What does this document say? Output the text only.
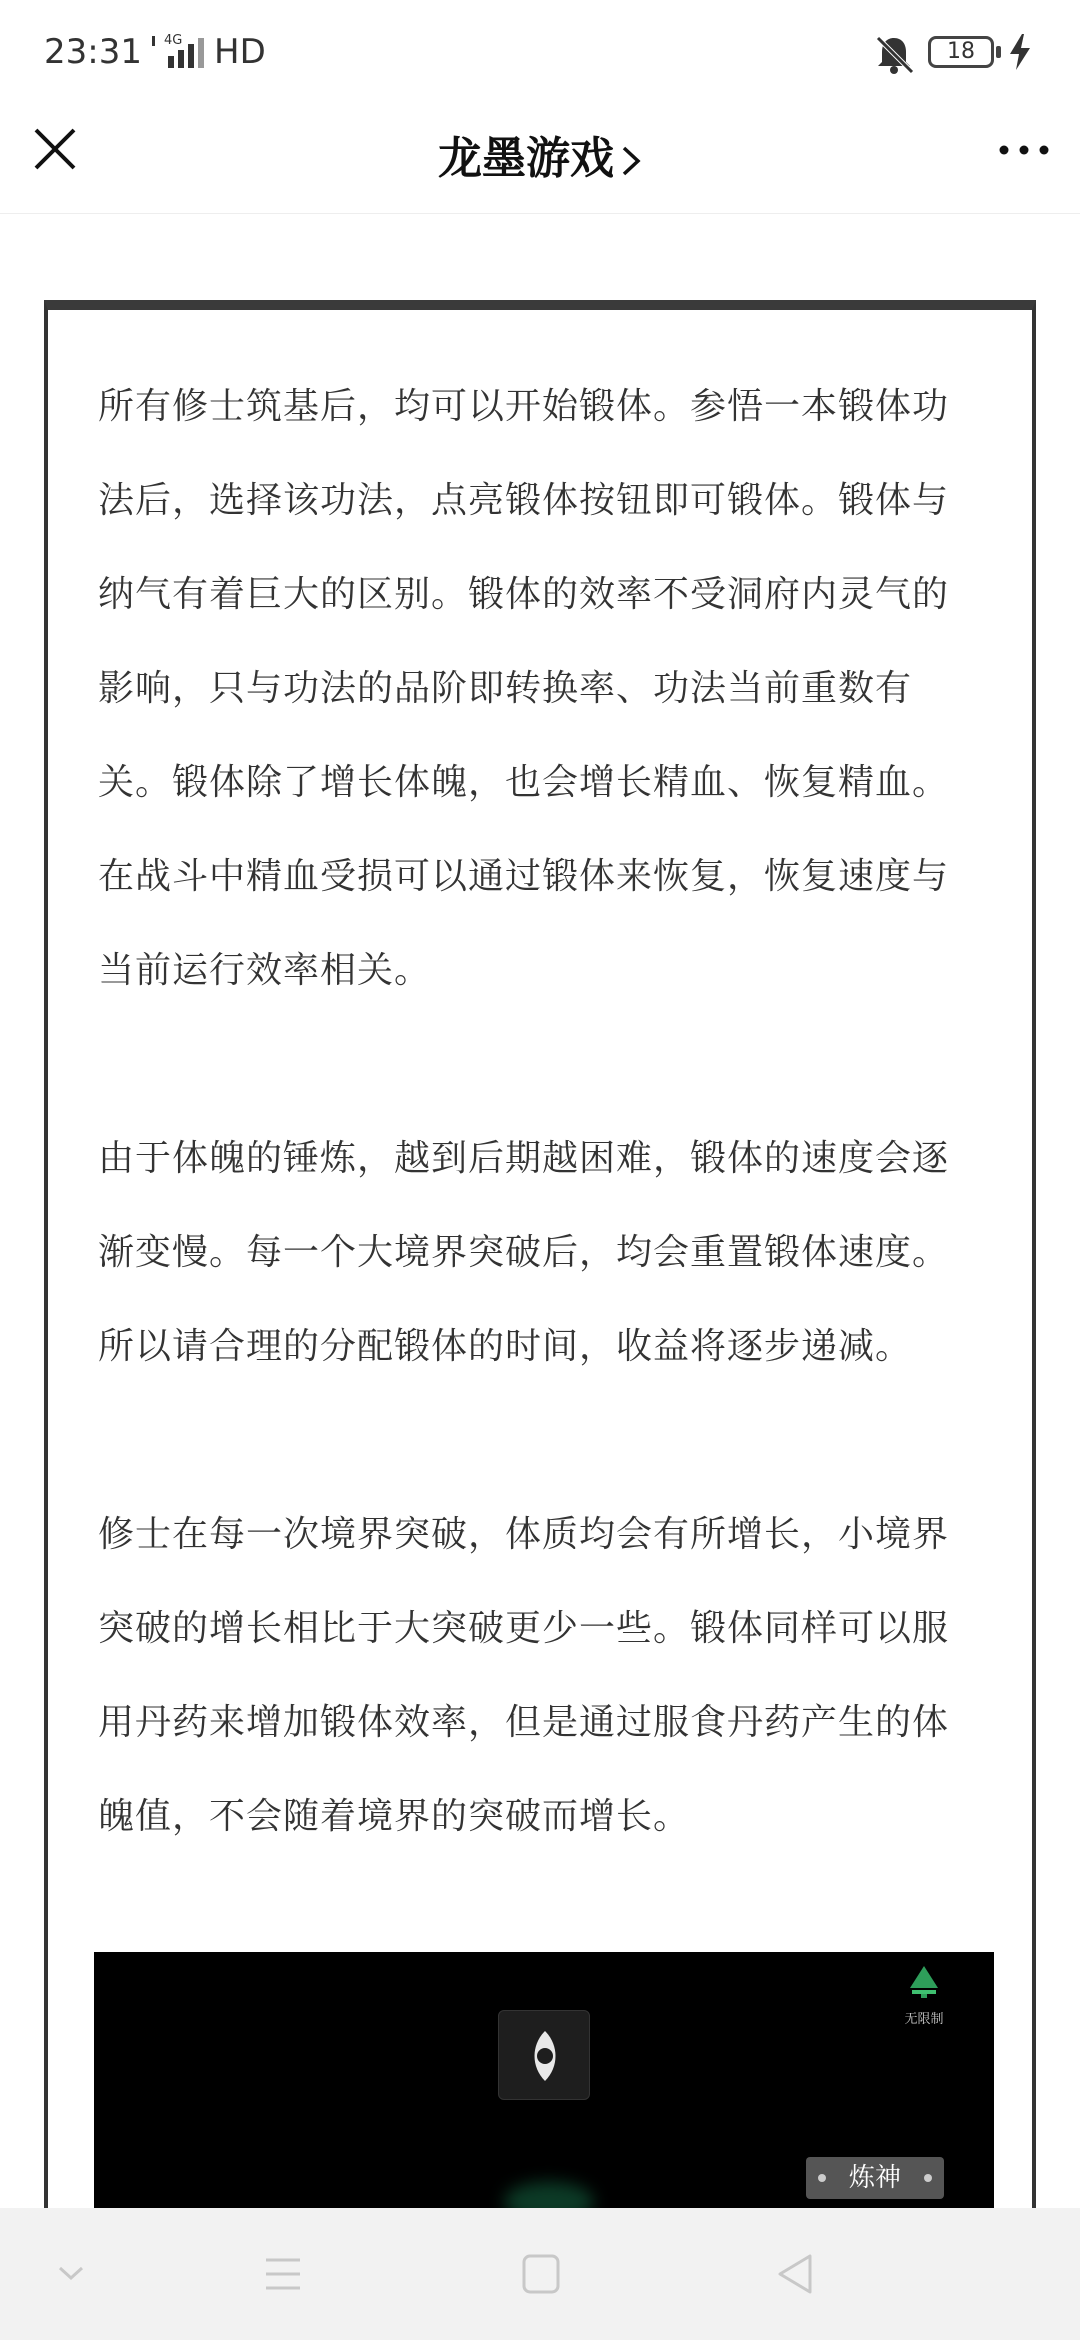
23:31 4G HD	18
龙墨游戏

所有修士筑基后，均可以开始锻体。参悟一本锻体功法后，选择该功法，点亮锻体按钮即可锻体。锻体与纳气有着巨大的区别。锻体的效率不受洞府内灵气的影响，只与功法的品阶即转换率、功法当前重数有关。锻体除了增长体魄，也会增长精血、恢复精血。在战斗中精血受损可以通过锻体来恢复，恢复速度与当前运行效率相关。

由于体魄的锤炼，越到后期越困难，锻体的速度会逐渐变慢。每一个大境界突破后，均会重置锻体速度。所以请合理的分配锻体的时间，收益将逐步递减。

修士在每一次境界突破，体质均会有所增长，小境界突破的增长相比于大突破更少一些。锻体同样可以服用丹药来增加锻体效率，但是通过服食丹药产生的体魄值，不会随着境界的突破而增长。

无限制
炼神
